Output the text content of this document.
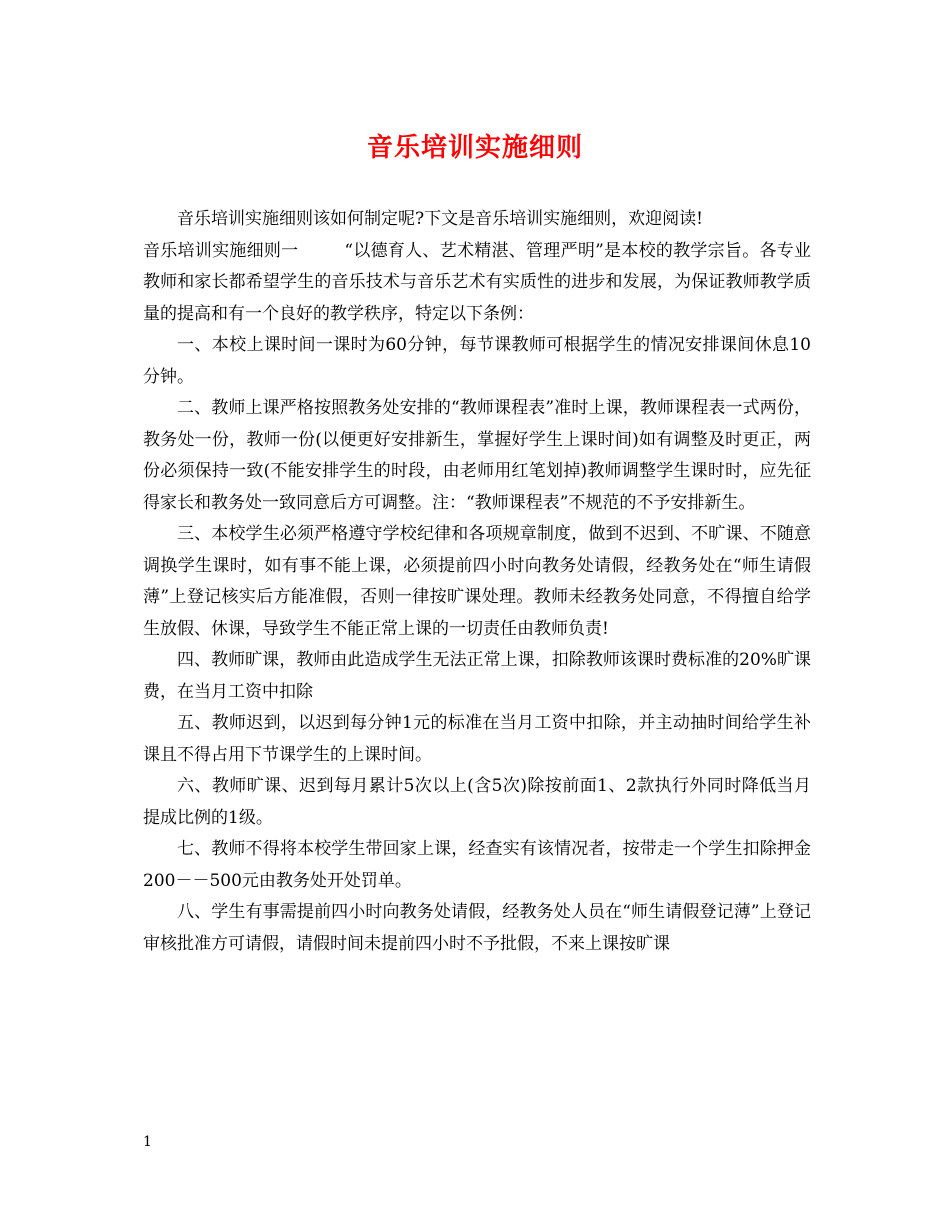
音乐培训实施细则

音乐培训实施细则该如何制定呢?下文是音乐培训实施细则，欢迎阅读!

音乐培训实施细则一	“以德育人、艺术精湛、管理严明”是本校的教学宗旨。各专业教师和家长都希望学生的音乐技术与音乐艺术有实质性的进步和发展，为保证教师教学质量的提高和有一个良好的教学秩序，特定以下条例：

一、本校上课时间一课时为60分钟，每节课教师可根据学生的情况安排课间休息10分钟。

二、教师上课严格按照教务处安排的“教师课程表”准时上课，教师课程表一式两份，教务处一份，教师一份(以便更好安排新生，掌握好学生上课时间)如有调整及时更正，两份必须保持一致(不能安排学生的时段，由老师用红笔划掉)教师调整学生课时时，应先征得家长和教务处一致同意后方可调整。注：“教师课程表”不规范的不予安排新生。

三、本校学生必须严格遵守学校纪律和各项规章制度，做到不迟到、不旷课、不随意调换学生课时，如有事不能上课，必须提前四小时向教务处请假，经教务处在“师生请假薄”上登记核实后方能准假，否则一律按旷课处理。教师未经教务处同意，不得擅自给学生放假、休课，导致学生不能正常上课的一切责任由教师负责!

四、教师旷课，教师由此造成学生无法正常上课，扣除教师该课时费标准的20%旷课费，在当月工资中扣除

五、教师迟到，以迟到每分钟1元的标准在当月工资中扣除，并主动抽时间给学生补课且不得占用下节课学生的上课时间。

六、教师旷课、迟到每月累计5次以上(含5次)除按前面1、2款执行外同时降低当月提成比例的1级。

七、教师不得将本校学生带回家上课，经查实有该情况者，按带走一个学生扣除押金200－－500元由教务处开处罚单。

八、学生有事需提前四小时向教务处请假，经教务处人员在“师生请假登记薄”上登记审核批准方可请假，请假时间未提前四小时不予批假，不来上课按旷课

1
